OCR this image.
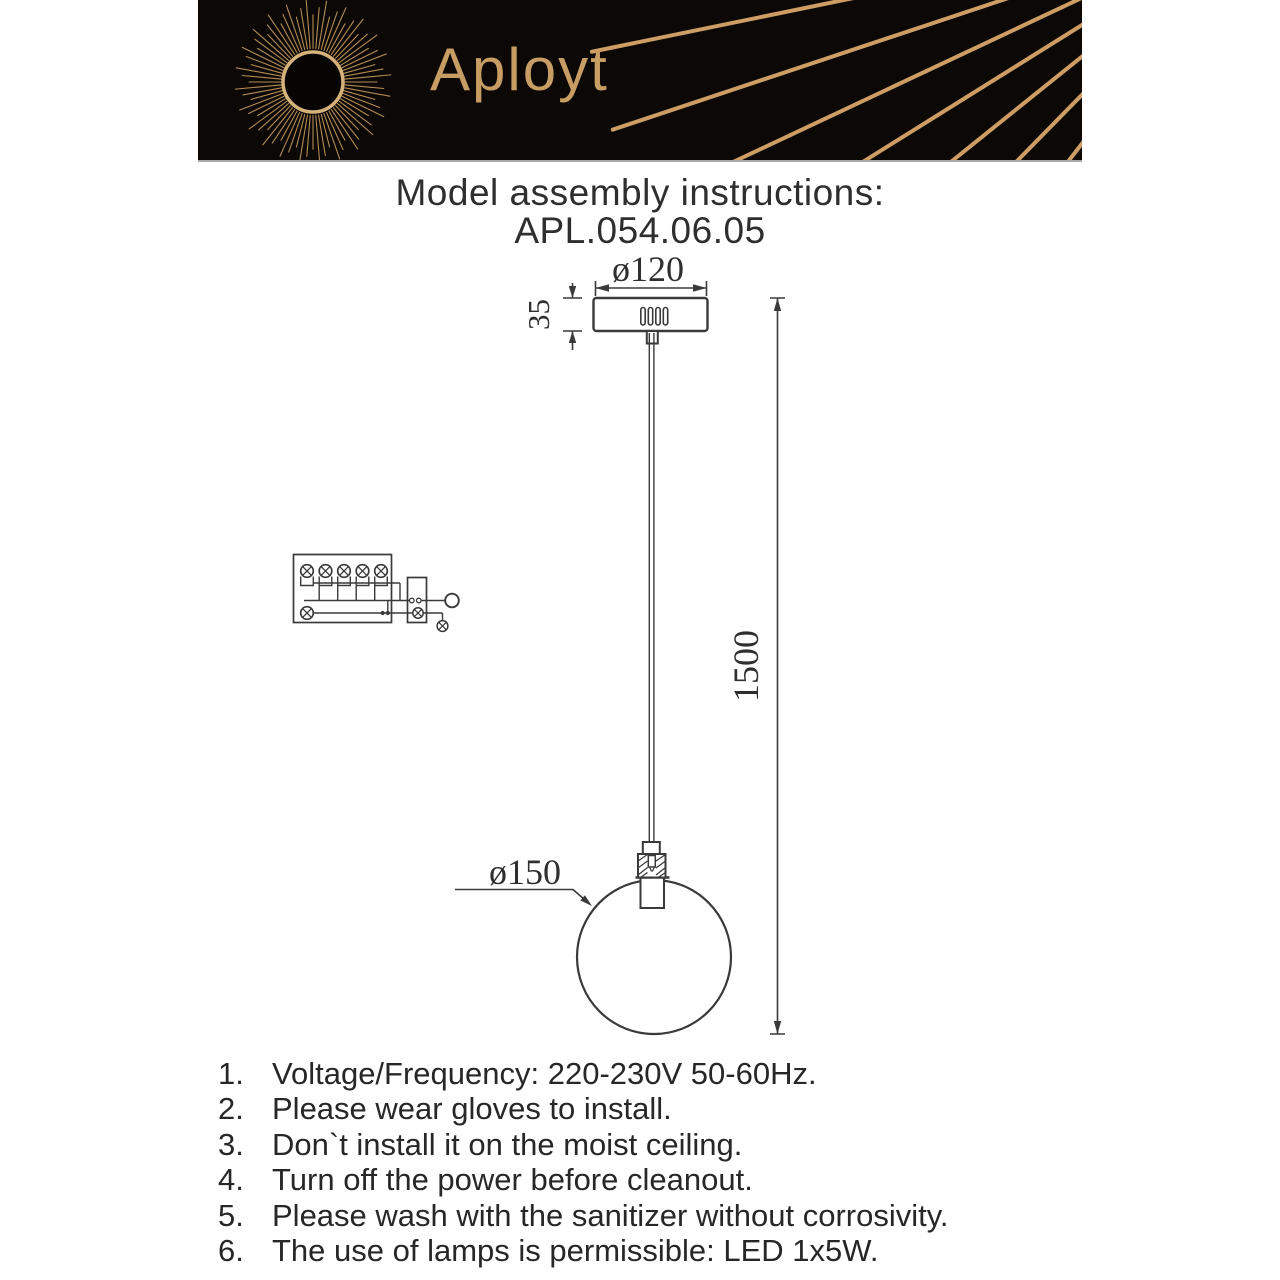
Aployt
Model assembly instructions:
APL.054.06.05
ø120
35
1500
ø150
1. Voltage/Frequency: 220-230V 50-60Hz.
2. Please wear gloves to install.
3. Don`t install it on the moist ceiling.
4. Turn off the power before cleanout.
5. Please wash with the sanitizer without corrosivity.
6. The use of lamps is permissible: LED 1x5W.
